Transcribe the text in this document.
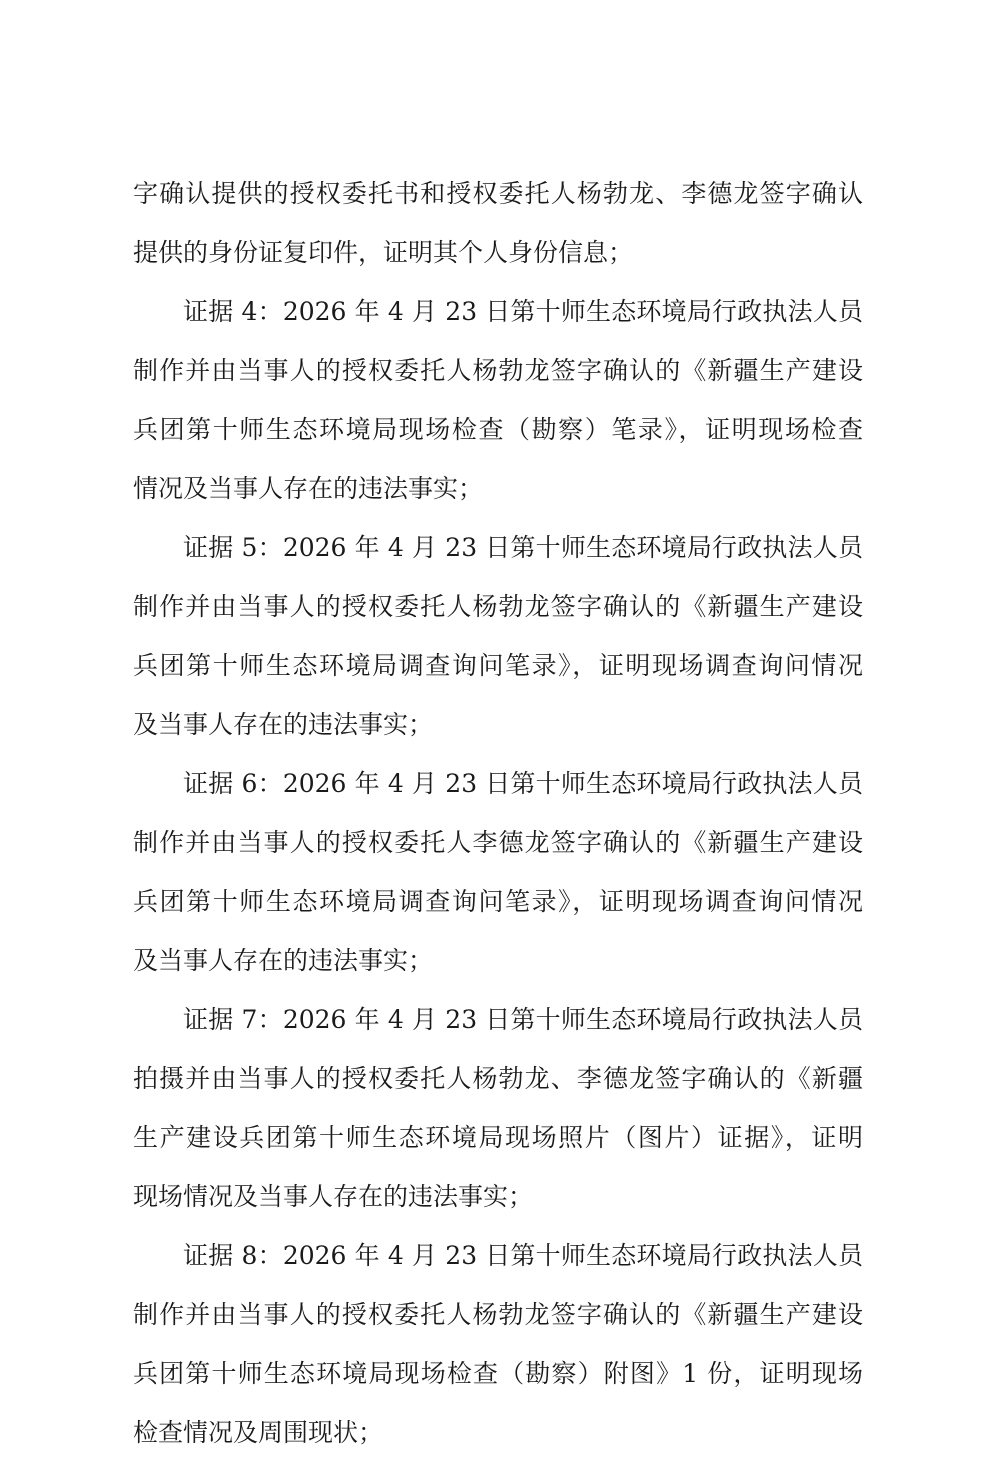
字确认提供的授权委托书和授权委托人杨勃龙、李德龙签字确认
提供的身份证复印件，证明其个人身份信息；
证据 4：2026 年 4 月 23 日第十师生态环境局行政执法人员
制作并由当事人的授权委托人杨勃龙签字确认的《新疆生产建设
兵团第十师生态环境局现场检查（勘察）笔录》，证明现场检查
情况及当事人存在的违法事实；
证据 5：2026 年 4 月 23 日第十师生态环境局行政执法人员
制作并由当事人的授权委托人杨勃龙签字确认的《新疆生产建设
兵团第十师生态环境局调查询问笔录》，证明现场调查询问情况
及当事人存在的违法事实；
证据 6：2026 年 4 月 23 日第十师生态环境局行政执法人员
制作并由当事人的授权委托人李德龙签字确认的《新疆生产建设
兵团第十师生态环境局调查询问笔录》，证明现场调查询问情况
及当事人存在的违法事实；
证据 7：2026 年 4 月 23 日第十师生态环境局行政执法人员
拍摄并由当事人的授权委托人杨勃龙、李德龙签字确认的《新疆
生产建设兵团第十师生态环境局现场照片（图片）证据》，证明
现场情况及当事人存在的违法事实；
证据 8：2026 年 4 月 23 日第十师生态环境局行政执法人员
制作并由当事人的授权委托人杨勃龙签字确认的《新疆生产建设
兵团第十师生态环境局现场检查（勘察）附图》1 份，证明现场
检查情况及周围现状；
